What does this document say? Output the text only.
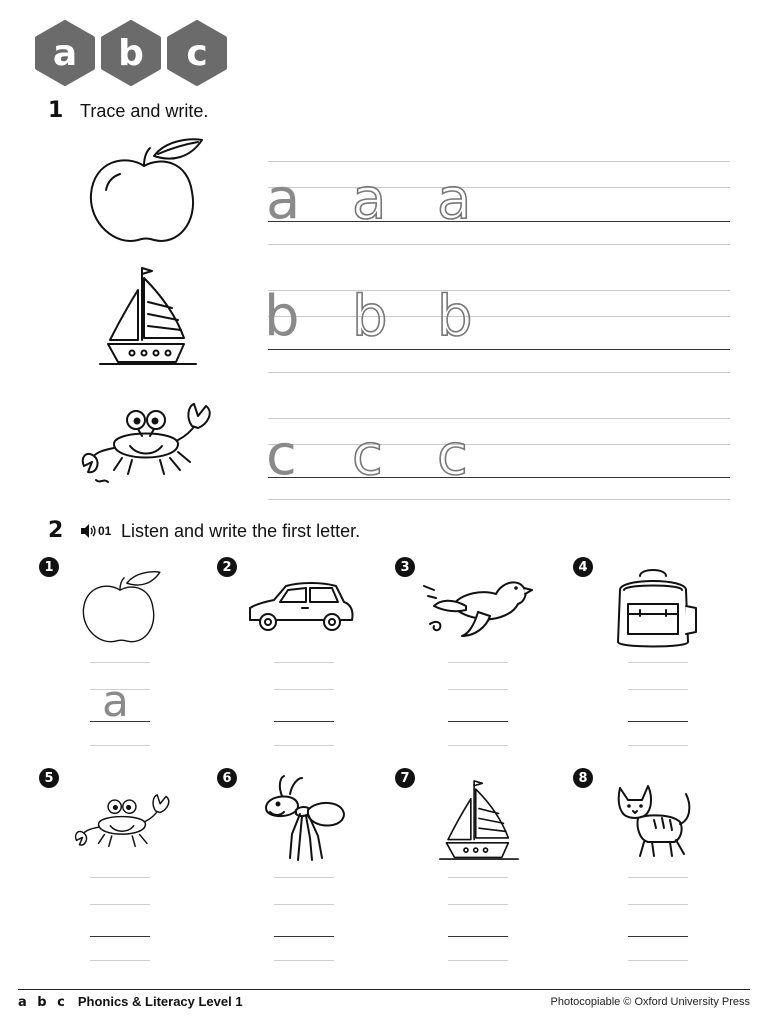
a b c
1 Trace and write.
a a a
b b b
c c c
2	01 Listen and write the first letter.
1	2	3	4
a
5	6	7	8
a b c Phonics & Literacy Level 1	Photocopiable © Oxford University Press
